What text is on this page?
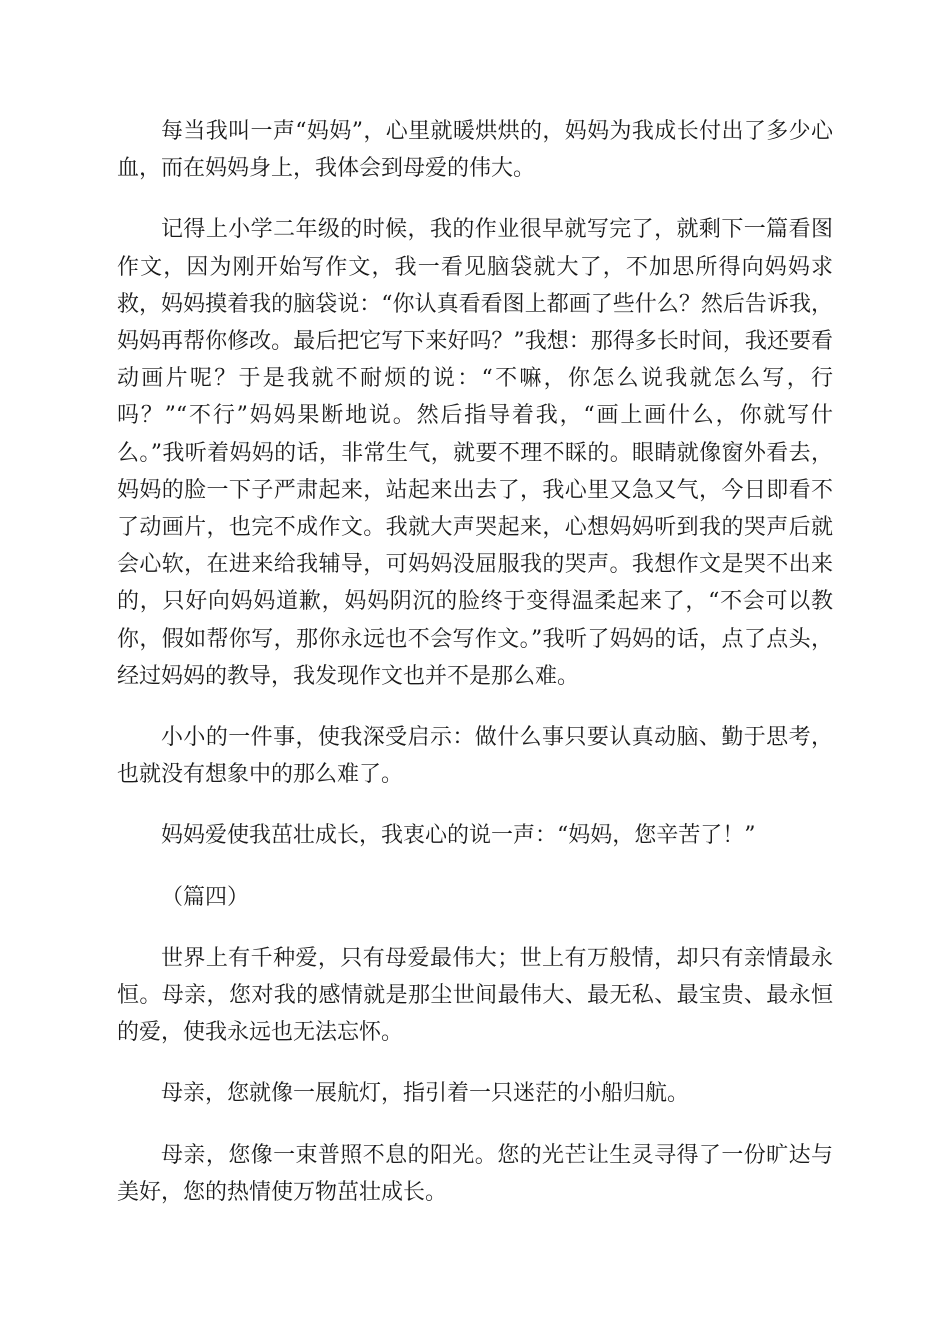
每当我叫一声“妈妈”，心里就暖烘烘的，妈妈为我成长付出了多少心血，而在妈妈身上，我体会到母爱的伟大。

记得上小学二年级的时候，我的作业很早就写完了，就剩下一篇看图作文，因为刚开始写作文，我一看见脑袋就大了，不加思所得向妈妈求救，妈妈摸着我的脑袋说：“你认真看看图上都画了些什么？然后告诉我，妈妈再帮你修改。最后把它写下来好吗？”我想：那得多长时间，我还要看动画片呢？于是我就不耐烦的说：“不嘛，你怎么说我就怎么写，行吗？”“不行”妈妈果断地说。然后指导着我，“画上画什么，你就写什么。”我听着妈妈的话，非常生气，就要不理不睬的。眼睛就像窗外看去，妈妈的脸一下子严肃起来，站起来出去了，我心里又急又气，今日即看不了动画片，也完不成作文。我就大声哭起来，心想妈妈听到我的哭声后就会心软，在进来给我辅导，可妈妈没屈服我的哭声。我想作文是哭不出来的，只好向妈妈道歉，妈妈阴沉的脸终于变得温柔起来了，“不会可以教你，假如帮你写，那你永远也不会写作文。”我听了妈妈的话，点了点头，经过妈妈的教导，我发现作文也并不是那么难。

小小的一件事，使我深受启示：做什么事只要认真动脑、勤于思考，也就没有想象中的那么难了。

妈妈爱使我茁壮成长，我衷心的说一声：“妈妈，您辛苦了！”

（篇四）

世界上有千种爱，只有母爱最伟大；世上有万般情，却只有亲情最永恒。母亲，您对我的感情就是那尘世间最伟大、最无私、最宝贵、最永恒的爱，使我永远也无法忘怀。

母亲，您就像一展航灯，指引着一只迷茫的小船归航。

母亲，您像一束普照不息的阳光。您的光芒让生灵寻得了一份旷达与美好，您的热情使万物茁壮成长。
